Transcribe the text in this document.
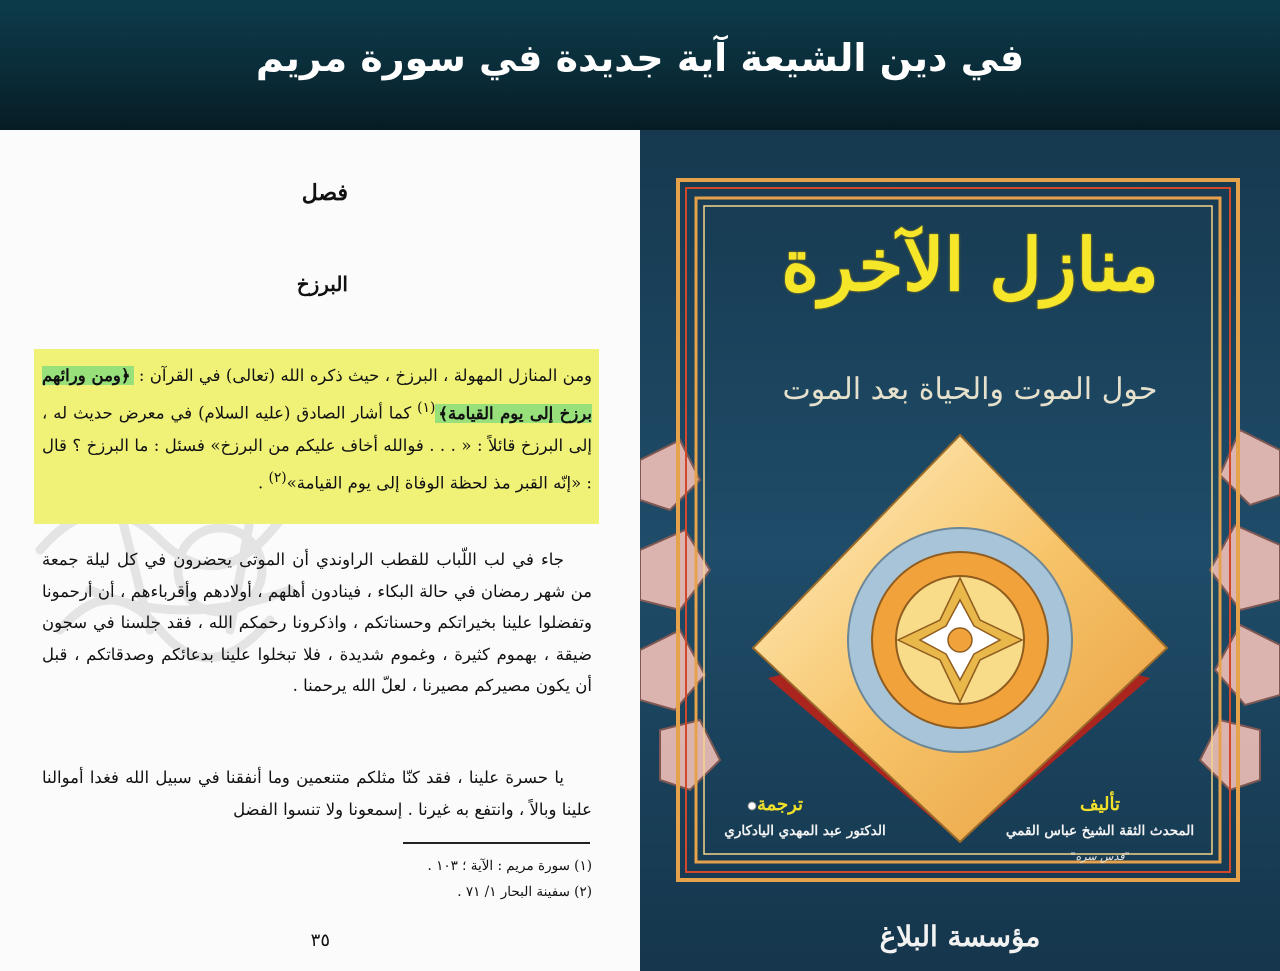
في دين الشيعة آية جديدة في سورة مريم
فصل
البرزخ
ومن المنازل المهولة ، البرزخ ، حيث ذكره الله (تعالى) في القرآن : ﴿ومن ورائهم برزخ إلى يوم القيامة﴾$^{(١)}$ كما أشار الصادق (عليه السلام) في معرض حديث له ، إلى البرزخ قائلاً : « . . . فوالله أخاف عليكم من البرزخ» فسئل : ما البرزخ ؟ قال : «إنّه القبر مذ لحظة الوفاة إلى يوم القيامة»$^{(٢)}$ .
جاء في لب اللّباب للقطب الراوندي أن الموتى يحضرون في كل ليلة جمعة من شهر رمضان في حالة البكاء ، فينادون أهلهم ، أولادهم وأقرباءهم ، أن أرحمونا وتفضلوا علينا بخيراتكم وحسناتكم ، واذكرونا رحمكم الله ، فقد جلسنا في سجون ضيقة ، بهموم كثيرة ، وغموم شديدة ، فلا تبخلوا علينا بدعائكم وصدقاتكم ، قبل أن يكون مصيركم مصيرنا ، لعلّ الله يرحمنا .
يا حسرة علينا ، فقد كنّا مثلكم متنعمين وما أنفقنا في سبيل الله فغدا أموالنا علينا وبالاً ، وانتفع به غيرنا . إسمعونا ولا تنسوا الفضل
(١) سورة مريم : الآية ؛ ١٠٣ .
(٢) سفينة البحار ١/ ٧١ .
٣٥
منازل الآخرة
حول الموت والحياة بعد الموت
تأليف
ترجمة
المحدث الثقة الشيخ عباس القمي
الدكتور عبد المهدي اليادكاري
"قدس سره"
مؤسسة البلاغ
